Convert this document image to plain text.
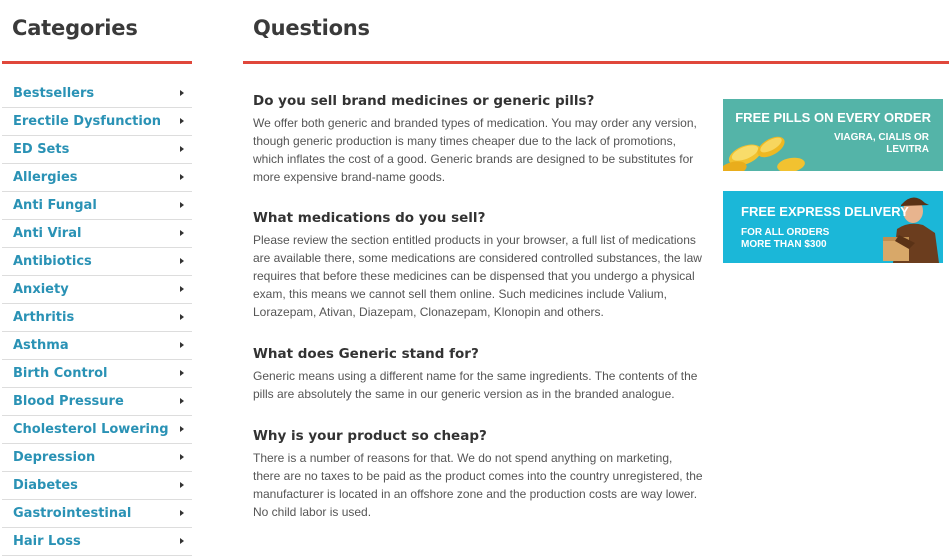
Categories
Bestsellers
Erectile Dysfunction
ED Sets
Allergies
Anti Fungal
Anti Viral
Antibiotics
Anxiety
Arthritis
Asthma
Birth Control
Blood Pressure
Cholesterol Lowering
Depression
Diabetes
Gastrointestinal
Hair Loss
Questions
Do you sell brand medicines or generic pills?

We offer both generic and branded types of medication. You may order any version, though generic production is many times cheaper due to the lack of promotions, which inflates the cost of a good. Generic brands are designed to be substitutes for more expensive brand-name goods.

What medications do you sell?

Please review the section entitled products in your browser, a full list of medications are available there, some medications are considered controlled substances, the law requires that before these medicines can be dispensed that you undergo a physical exam, this means we cannot sell them online. Such medicines include Valium, Lorazepam, Ativan, Diazepam, Clonazepam, Klonopin and others.

What does Generic stand for?

Generic means using a different name for the same ingredients. The contents of the pills are absolutely the same in our generic version as in the branded analogue.

Why is your product so cheap?

There is a number of reasons for that. We do not spend anything on marketing, there are no taxes to be paid as the product comes into the country unregistered, the manufacturer is located in an offshore zone and the production costs are way lower. No child labor is used.

FREE PILLS ON EVERY ORDER
VIAGRA, CIALIS OR
LEVITRA
FREE EXPRESS DELIVERY
FOR ALL ORDERS
MORE THAN $300
